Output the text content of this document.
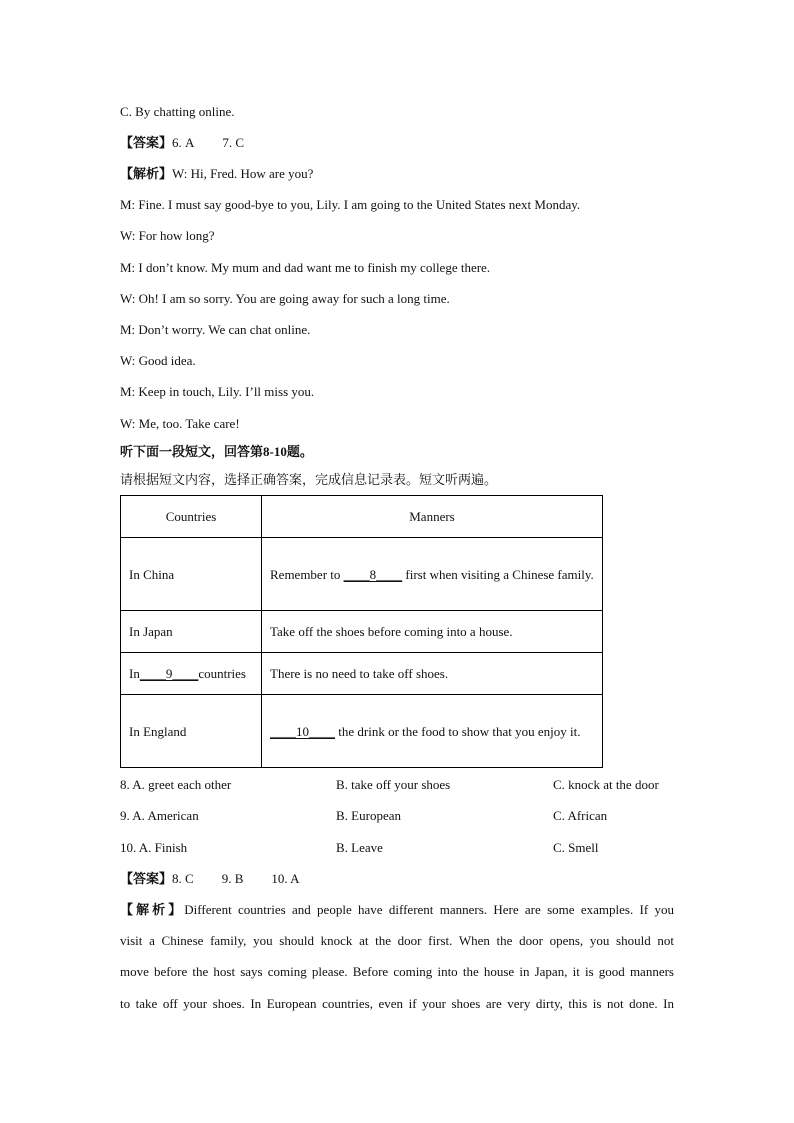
C. By chatting online.
【答案】6. A 7. C
【解析】W: Hi, Fred. How are you?
M: Fine. I must say good-bye to you, Lily. I am going to the United States next Monday.
W: For how long?
M: I don’t know. My mum and dad want me to finish my college there.
W: Oh! I am so sorry. You are going away for such a long time.
M: Don’t worry. We can chat online.
W: Good idea.
M: Keep in touch, Lily. I’ll miss you.
W: Me, too. Take care!
听下面一段短文，回答第8-10题。
请根据短文内容，选择正确答案，完成信息记录表。短文听两遍。
Countries	Manners
In China	Remember to ____8____ first when visiting a Chinese family.
In Japan	Take off the shoes before coming into a house.
In____9____countries	There is no need to take off shoes.
In England	____10____ the drink or the food to show that you enjoy it.
8. A. greet each other	B. take off your shoes	C. knock at the door
9. A. American	B. European	C. African
10. A. Finish	B. Leave	C. Smell
【答案】8. C 9. B 10. A
【解析】Different countries and people have different manners. Here are some examples. If you
visit a Chinese family, you should knock at the door first. When the door opens, you should not
move before the host says coming please. Before coming into the house in Japan, it is good manners
to take off your shoes. In European countries, even if your shoes are very dirty, this is not done. In
